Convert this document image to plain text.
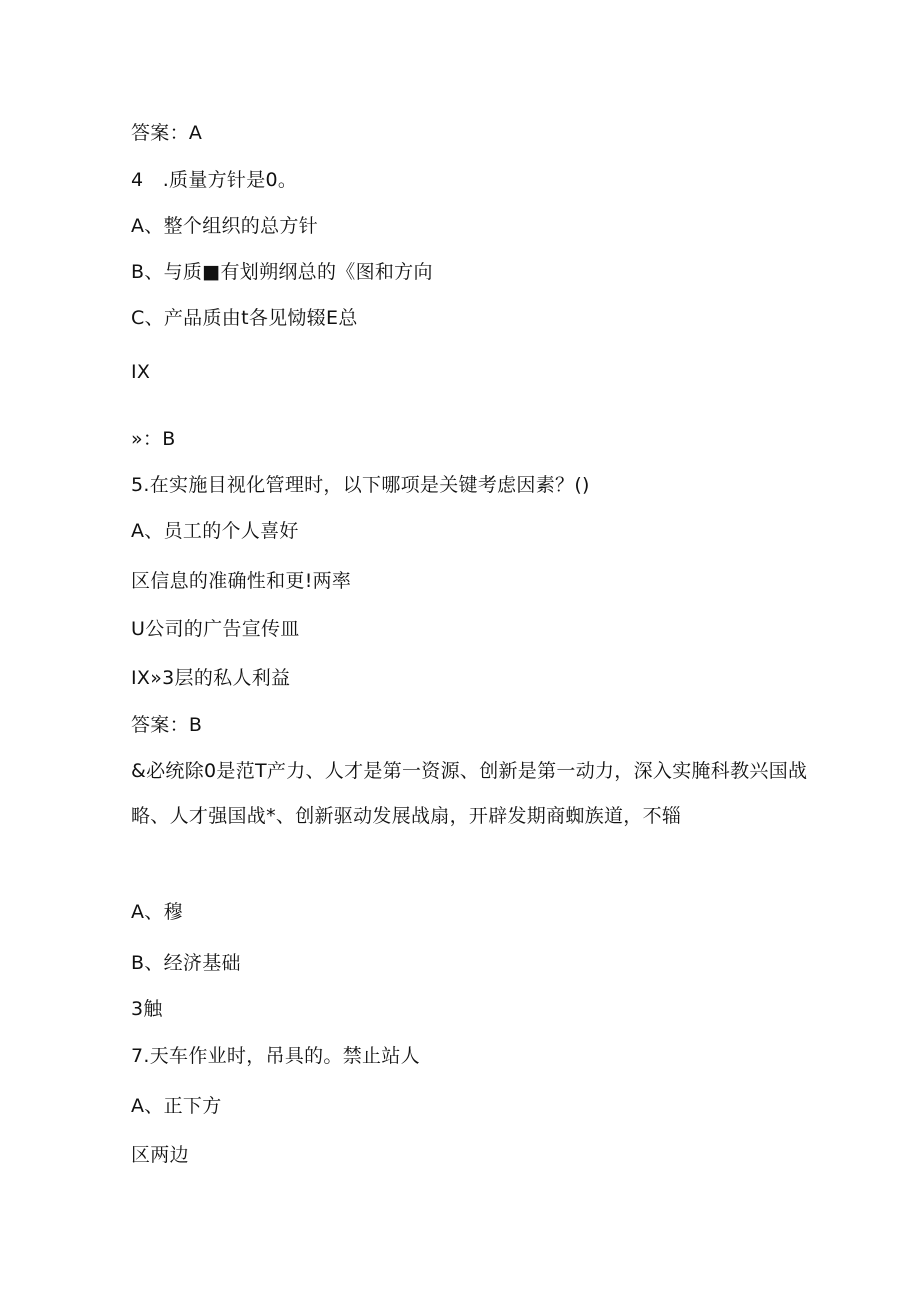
答案：A
4　.质量方针是0。
A、整个组织的总方针
B、与质■有划朔纲总的《图和方向
C、产品质由t各见恸辍E总
IX
»：B
5.在实施目视化管理时，以下哪项是关键考虑因素？()
A、员工的个人喜好
区信息的准确性和更!两率
U公司的广告宣传皿
IX»3层的私人利益
答案：B
&必统除0是范T产力、人才是第一资源、创新是第一动力，深入实腌科教兴国战
略、人才强国战*、创新驱动发展战扇，开辟发期商蜘族道，不辎
A、穆
B、经济基础
3触
7.天车作业时，吊具的。禁止站人
A、正下方
区两边
